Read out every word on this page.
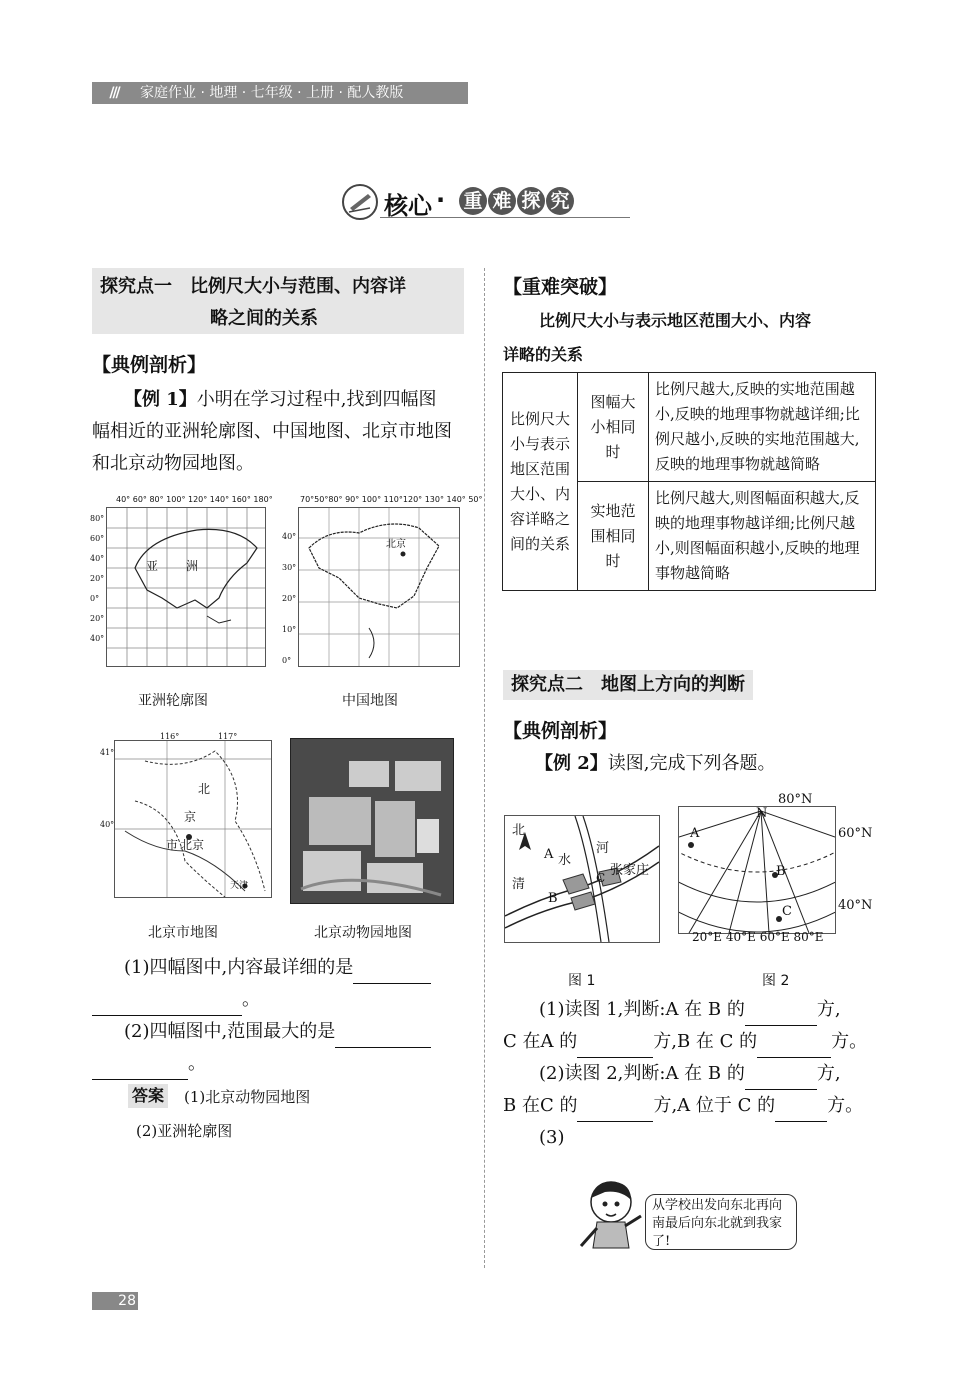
/// 家庭作业 · 地理 · 七年级 · 上册 · 配人教版
核心 · 重 难 探 究
探究点一　比例尺大小与范围、内容详
略之间的关系
【典例剖析】
【例 1】小明在学习过程中,找到四幅图
幅相近的亚洲轮廓图、中国地图、北京市地图
和北京动物园地图。
40° 60° 80° 100° 120° 140° 160° 180°
80°
60°
40°
20°
0°
20°
40°
亚 洲
亚洲轮廓图
70°50°80° 90° 100° 110°120° 130° 140° 50°
40°
30°
20°
10°
0°
北京
中国地图
116°	117°
41°
40°
北
京
市 北京
天津
北京市地图	北京动物园地图
(1)四幅图中,内容最详细的是
。
(2)四幅图中,范围最大的是
。
答案 (1)北京动物园地图
(2)亚洲轮廓图
【重难突破】
比例尺大小与表示地区范围大小、内容
详略的关系
比例尺大小与表示地区范围大小、内容详略之间的关系	图幅大小相同时	比例尺越大,反映的实地范围越小,反映的地理事物就越详细;比例尺越小,反映的实地范围越大,反映的地理事物就越简略
	实地范围相同时	比例尺越大,则图幅面积越大,反映的地理事物越详细;比例尺越小,则图幅面积越小,反映的地理事物越简略
探究点二　地图上方向的判断
【典例剖析】
【例 2】读图,完成下列各题。
北
A 水
河
清
张家庄
C
B
图 1
80°N
N
60°N
40°N
A
B
C
20°E 40°E 60°E 80°E
图 2
(1)读图 1,判断:A 在 B 的	方,
C 在A 的	方,B 在 C 的	方。
(2)读图 2,判断:A 在 B 的	方,
B 在C 的	方,A 位于 C 的	方。
(3)
从学校出发向东北再向南最后向东北就到我家了!
28
